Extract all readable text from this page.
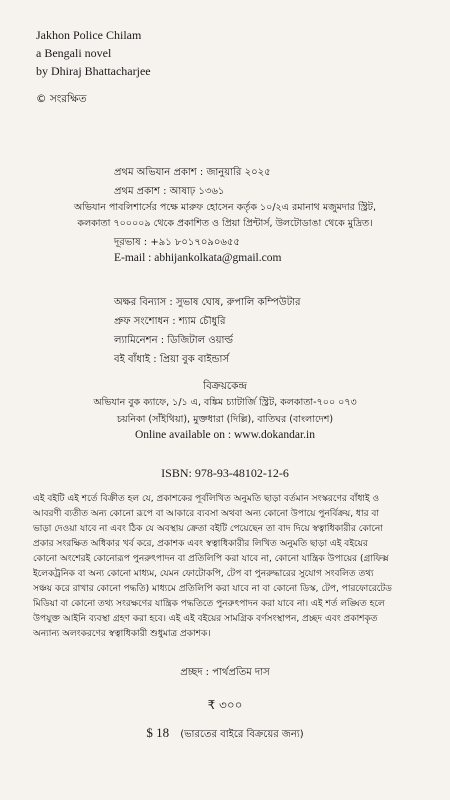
Jakhon Police Chilam
a Bengali novel
by Dhiraj Bhattacharjee
© সংরক্ষিত
প্রথম অভিযান প্রকাশ : জানুয়ারি ২০২৫
প্রথম প্রকাশ : আষাঢ় ১৩৬১
অভিযান পাবলিশার্সের পক্ষে মারুফ হোসেন কর্তৃক ১০/২এ রমানাথ মজুমদার স্ট্রিট,
কলকাতা ৭০০০০৯ থেকে প্রকাশিত ও প্রিয়া প্রিন্টার্স, উলটোডাঙা থেকে মুদ্রিত।
দূরভাষ : +৯১ ৮০১৭০৯০৬৫৫
E-mail : abhijankolkata@gmail.com
অক্ষর বিন্যাস : সুভাষ ঘোষ, রুপালি কম্পিউটার
প্রুফ সংশোধন : শ্যাম চৌধুরি
ল্যামিনেশন : ডিজিটাল ওয়ার্ল্ড
বই বাঁধাই : প্রিয়া বুক বাইন্ডার্স
বিক্রয়কেন্দ্র
অভিযান বুক ক্যাফে, ১/১ এ, বঙ্কিম চ্যাটার্জি স্ট্রিট, কলকাতা-৭০০ ০৭৩
চয়নিকা (সাঁইথিয়া), মুক্তধারা (দিল্লি), বাতিঘর (বাংলাদেশ)
Online available on : www.dokandar.in
ISBN: 978-93-48102-12-6
এই বইটি এই শর্তে বিক্রীত হল যে, প্রকাশকের পূর্বলিখিত অনুমতি ছাড়া বর্তমান সংস্করণের বাঁধাই ও
আবরণী ব্যতীত অন্য কোনো রূপে বা আকারে ব্যবসা অথবা অন্য কোনো উপায়ে পুনর্বিক্রয়, ধার বা
ভাড়া দেওয়া যাবে না এবং ঠিক যে অবস্থায় ক্রেতা বইটি পেয়েছেন তা বাদ দিয়ে স্বত্বাধিকারীর কোনো
প্রকার সংরক্ষিত অধিকার খর্ব করে, প্রকাশক এবং স্বত্বাধিকারীর লিখিত অনুমতি ছাড়া এই বইয়ের
কোনো অংশেরই কোনোরূপ পুনরুৎপাদন বা প্রতিলিপি করা যাবে না, কোনো যান্ত্রিক উপায়ের (গ্রাফিক্স
ইলেকট্রনিক বা অন্য কোনো মাধ্যম, যেমন ফোটোকপি, টেপ বা পুনরুদ্ধারের সুযোগ সংবলিত তথ্য
সঞ্চয় করে রাখার কোনো পদ্ধতি) মাধ্যমে প্রতিলিপি করা যাবে না বা কোনো ডিস্ক, টেপ, পারফোরেটেড
মিডিয়া বা কোনো তথ্য সংরক্ষণের যান্ত্রিক পদ্ধতিতে পুনরুৎপাদন করা যাবে না। এই শর্ত লঙ্ঘিত হলে
উপযুক্ত আইনি ব্যবস্থা গ্রহণ করা হবে। এই এই বইয়ের সামগ্রিক বর্ণসংস্থাপন, প্রচ্ছদ এবং প্রকাশকৃত
অন্যান্য অলংকরণের স্বত্বাধিকারী শুধুমাত্র প্রকাশক।
প্রচ্ছদ : পার্থপ্রতিম দাস
₹ ৩০০
$ 18 (ভারতের বাইরে বিক্রয়ের জন্য)
